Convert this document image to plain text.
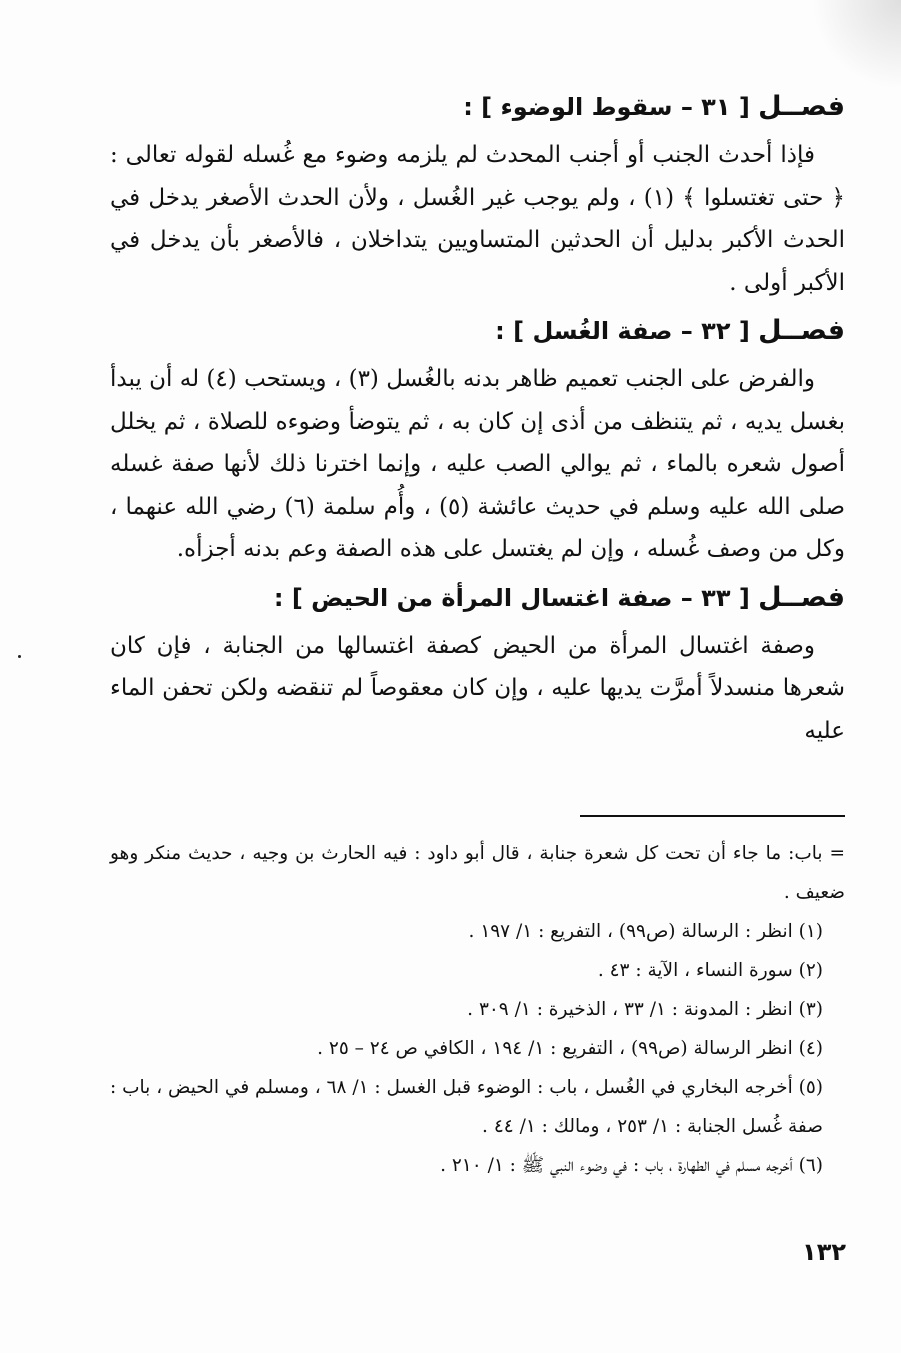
فصــل [ ٣١ – سقوط الوضوء ] :

فإذا أحدث الجنب أو أجنب المحدث لم يلزمه وضوء مع غُسله لقوله تعالى : ﴿ حتى تغتسلوا ﴾ (١) ، ولم يوجب غير الغُسل ، ولأن الحدث الأصغر يدخل في الحدث الأكبر بدليل أن الحدثين المتساويين يتداخلان ، فالأصغر بأن يدخل في الأكبر أولى .

فصــل [ ٣٢ – صفة الغُسل ] :

والفرض على الجنب تعميم ظاهر بدنه بالغُسل (٣) ، ويستحب (٤) له أن يبدأ بغسل يديه ، ثم يتنظف من أذى إن كان به ، ثم يتوضأ وضوءه للصلاة ، ثم يخلل أصول شعره بالماء ، ثم يوالي الصب عليه ، وإنما اخترنا ذلك لأنها صفة غسله صلى الله عليه وسلم في حديث عائشة (٥) ، وأُم سلمة (٦) رضي الله عنهما ، وكل من وصف غُسله ، وإن لم يغتسل على هذه الصفة وعم بدنه أجزأه.

فصــل [ ٣٣ – صفة اغتسال المرأة من الحيض ] :

وصفة اغتسال المرأة من الحيض كصفة اغتسالها من الجنابة ، فإن كان شعرها منسدلاً أمرَّت يديها عليه ، وإن كان معقوصاً لم تنقضه ولكن تحفن الماء عليه

= باب: ما جاء أن تحت كل شعرة جنابة ، قال أبو داود : فيه الحارث بن وجيه ، حديث منكر وهو ضعيف .

(١) انظر : الرسالة (ص٩٩) ، التفريع : ١/ ١٩٧ .

(٢) سورة النساء ، الآية : ٤٣ .

(٣) انظر : المدونة : ١/ ٣٣ ، الذخيرة : ١/ ٣٠٩ .

(٤) انظر الرسالة (ص٩٩) ، التفريع : ١/ ١٩٤ ، الكافي ص ٢٤ – ٢٥ .

(٥) أخرجه البخاري في الغُسل ، باب : الوضوء قبل الغسل : ١/ ٦٨ ، ومسلم في الحيض ، باب : صفة غُسل الجنابة : ١/ ٢٥٣ ، ومالك : ١/ ٤٤ .

(٦) أخرجه مسلم في الطهارة ، باب : في وضوء النبي ﷺ : ١/ ٢١٠ .

١٣٢
